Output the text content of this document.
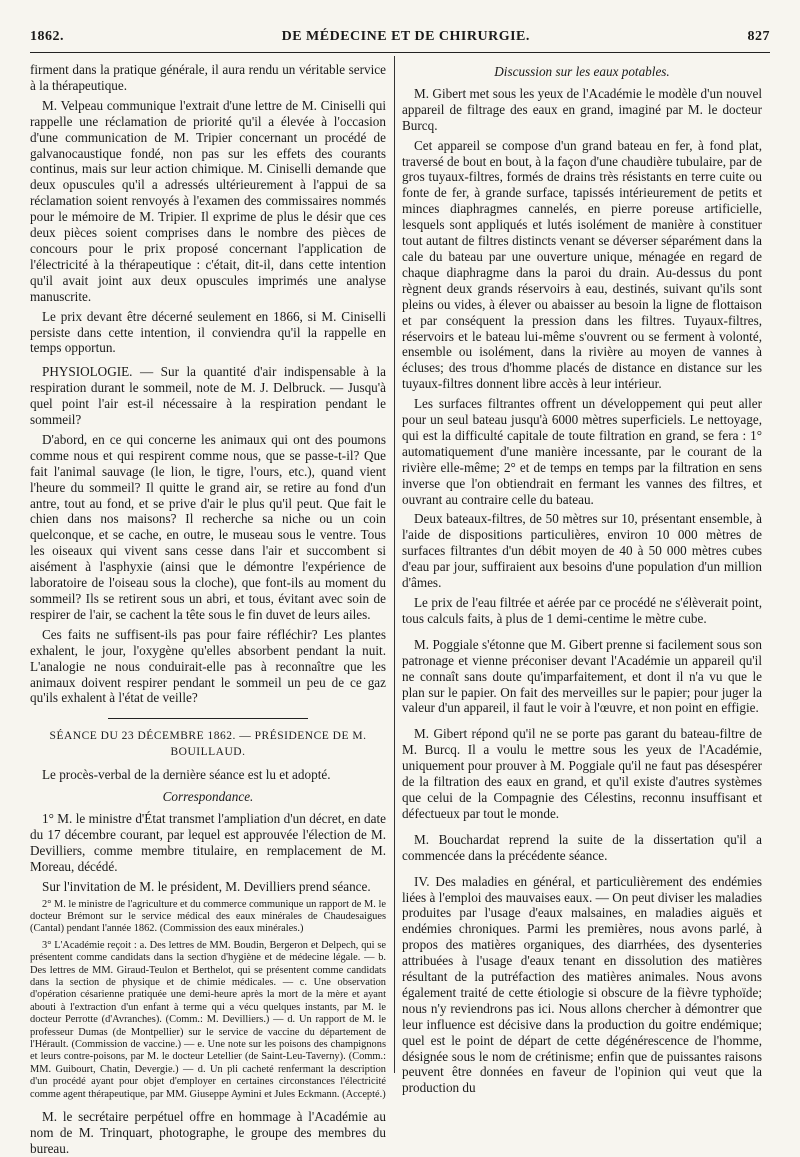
1862.	DE MÉDECINE ET DE CHIRURGIE.	827

firment dans la pratique générale, il aura rendu un véritable service à la thérapeutique.

M. Velpeau communique l'extrait d'une lettre de M. Ciniselli qui rappelle une réclamation de priorité qu'il a élevée à l'occasion d'une communication de M. Tripier concernant un procédé de galvanocaustique fondé, non pas sur les effets des courants continus, mais sur leur action chimique. M. Ciniselli demande que deux opuscules qu'il a adressés ultérieurement à l'appui de sa réclamation soient renvoyés à l'examen des commissaires nommés pour le mémoire de M. Tripier. Il exprime de plus le désir que ces deux pièces soient comprises dans le nombre des pièces de concours pour le prix proposé concernant l'application de l'électricité à la thérapeutique : c'était, dit-il, dans cette intention qu'il avait joint aux deux opuscules imprimés une analyse manuscrite.

Le prix devant être décerné seulement en 1866, si M. Ciniselli persiste dans cette intention, il conviendra qu'il la rappelle en temps opportun.

PHYSIOLOGIE. — Sur la quantité d'air indispensable à la respiration durant le sommeil, note de M. J. Delbruck. — Jusqu'à quel point l'air est-il nécessaire à la respiration pendant le sommeil?

D'abord, en ce qui concerne les animaux qui ont des poumons comme nous et qui respirent comme nous, que se passe-t-il? Que fait l'animal sauvage (le lion, le tigre, l'ours, etc.), quand vient l'heure du sommeil? Il quitte le grand air, se retire au fond d'un antre, tout au fond, et se prive d'air le plus qu'il peut. Que fait le chien dans nos maisons? Il recherche sa niche ou un coin quelconque, et se cache, en outre, le museau sous le ventre. Tous les oiseaux qui vivent sans cesse dans l'air et succombent si aisément à l'asphyxie (ainsi que le démontre l'expérience de laboratoire de l'oiseau sous la cloche), que font-ils au moment du sommeil? Ils se retirent sous un abri, et tous, évitant avec soin de respirer de l'air, se cachent la tête sous le fin duvet de leurs ailes.

Ces faits ne suffisent-ils pas pour faire réfléchir? Les plantes exhalent, le jour, l'oxygène qu'elles absorbent pendant la nuit. L'analogie ne nous conduirait-elle pas à reconnaître que les animaux doivent respirer pendant le sommeil un peu de ce gaz qu'ils exhalent à l'état de veille?

SÉANCE DU 23 DÉCEMBRE 1862. — PRÉSIDENCE DE M. BOUILLAUD.

Le procès-verbal de la dernière séance est lu et adopté.

Correspondance.

1° M. le ministre d'État transmet l'ampliation d'un décret, en date du 17 décembre courant, par lequel est approuvée l'élection de M. Devilliers, comme membre titulaire, en remplacement de M. Moreau, décédé.

Sur l'invitation de M. le président, M. Devilliers prend séance.

2° M. le ministre de l'agriculture et du commerce communique un rapport de M. le docteur Brémont sur le service médical des eaux minérales de Chaudesaigues (Cantal) pendant l'année 1862. (Commission des eaux minérales.)

3° L'Académie reçoit : a. Des lettres de MM. Boudin, Bergeron et Delpech, qui se présentent comme candidats dans la section d'hygiène et de médecine légale. — b. Des lettres de MM. Giraud-Teulon et Berthelot, qui se présentent comme candidats dans la section de physique et de chimie médicales. — c. Une observation d'opération césarienne pratiquée une demi-heure après la mort de la mère et ayant abouti à l'extraction d'un enfant à terme qui a vécu quelques instants, par M. le docteur Perrotte (d'Avranches). (Comm.: M. Devilliers.) — d. Un rapport de M. le professeur Dumas (de Montpellier) sur le service de vaccine du département de l'Hérault. (Commission de vaccine.) — e. Une note sur les poisons des champignons et leurs contre-poisons, par M. le docteur Letellier (de Saint-Leu-Taverny). (Comm.: MM. Guibourt, Chatin, Devergie.) — d. Un pli cacheté renfermant la description d'un procédé ayant pour objet d'employer en certaines circonstances l'électricité comme agent thérapeutique, par MM. Giuseppe Aymini et Jules Eckmann. (Accepté.)

M. le secrétaire perpétuel offre en hommage à l'Académie au nom de M. Trinquart, photographe, le groupe des membres du bureau.

Discussion sur les eaux potables.

M. Gibert met sous les yeux de l'Académie le modèle d'un nouvel appareil de filtrage des eaux en grand, imaginé par M. le docteur Burcq.

Cet appareil se compose d'un grand bateau en fer, à fond plat, traversé de bout en bout, à la façon d'une chaudière tubulaire, par de gros tuyaux-filtres, formés de drains très résistants en terre cuite ou fonte de fer, à grande surface, tapissés intérieurement de petits et minces diaphragmes cannelés, en pierre poreuse artificielle, lesquels sont appliqués et lutés isolément de manière à constituer tout autant de filtres distincts venant se déverser séparément dans la cale du bateau par une ouverture unique, ménagée en regard de chaque diaphragme dans la paroi du drain. Au-dessus du pont règnent deux grands réservoirs à eau, destinés, suivant qu'ils sont pleins ou vides, à élever ou abaisser au besoin la ligne de flottaison et par conséquent la pression dans les filtres. Tuyaux-filtres, réservoirs et le bateau lui-même s'ouvrent ou se ferment à volonté, ensemble ou isolément, dans la rivière au moyen de vannes à écluses; des trous d'homme placés de distance en distance sur les tuyaux-filtres donnent libre accès à leur intérieur.

Les surfaces filtrantes offrent un développement qui peut aller pour un seul bateau jusqu'à 6000 mètres superficiels. Le nettoyage, qui est la difficulté capitale de toute filtration en grand, se fera : 1° automatiquement d'une manière incessante, par le courant de la rivière elle-même; 2° et de temps en temps par la filtration en sens inverse que l'on obtiendrait en fermant les vannes des filtres, et ouvrant au contraire celle du bateau.

Deux bateaux-filtres, de 50 mètres sur 10, présentant ensemble, à l'aide de dispositions particulières, environ 10 000 mètres de surfaces filtrantes d'un débit moyen de 40 à 50 000 mètres cubes d'eau par jour, suffiraient aux besoins d'une population d'un million d'âmes.

Le prix de l'eau filtrée et aérée par ce procédé ne s'élèverait point, tous calculs faits, à plus de 1 demi-centime le mètre cube.

M. Poggiale s'étonne que M. Gibert prenne si facilement sous son patronage et vienne préconiser devant l'Académie un appareil qu'il ne connaît sans doute qu'imparfaitement, et dont il n'a vu que le plan sur le papier. On fait des merveilles sur le papier; pour juger la valeur d'un appareil, il faut le voir à l'œuvre, et non point en effigie.

M. Gibert répond qu'il ne se porte pas garant du bateau-filtre de M. Burcq. Il a voulu le mettre sous les yeux de l'Académie, uniquement pour prouver à M. Poggiale qu'il ne faut pas désespérer de la filtration des eaux en grand, et qu'il existe d'autres systèmes que celui de la Compagnie des Célestins, reconnu insuffisant et défectueux par tout le monde.

M. Bouchardat reprend la suite de la dissertation qu'il a commencée dans la précédente séance.

IV. Des maladies en général, et particulièrement des endémies liées à l'emploi des mauvaises eaux. — On peut diviser les maladies produites par l'usage d'eaux malsaines, en maladies aiguës et endémies chroniques. Parmi les premières, nous avons parlé, à propos des matières organiques, des diarrhées, des dysenteries attribuées à l'usage d'eaux tenant en dissolution des matières résultant de la putréfaction des matières animales. Nous avons également traité de cette étiologie si obscure de la fièvre typhoïde; nous n'y reviendrons pas ici. Nous allons chercher à démontrer que leur influence est décisive dans la production du goitre endémique; quel est le point de départ de cette dégénérescence de l'homme, désignée sous le nom de crétinisme; enfin que de puissantes raisons peuvent être données en faveur de l'opinion qui veut que la production du
